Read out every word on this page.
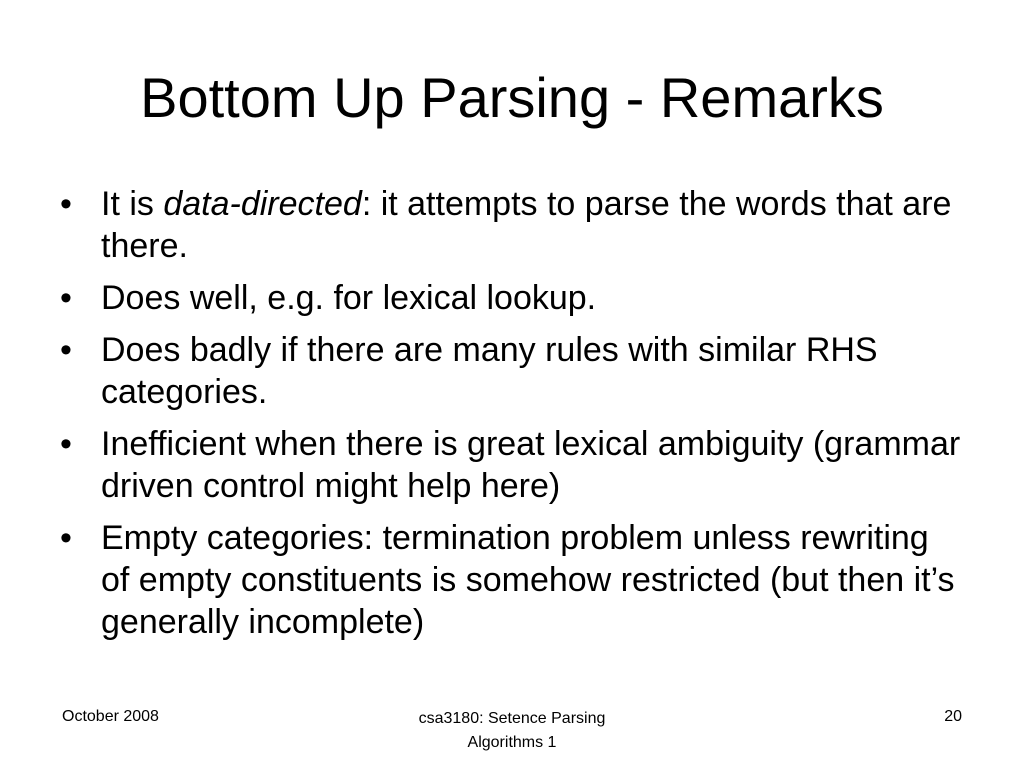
Bottom Up Parsing - Remarks
• It is data-directed: it attempts to parse the words that are there.
• Does well, e.g. for lexical lookup.
• Does badly if there are many rules with similar RHS categories.
• Inefficient when there is great lexical ambiguity (grammar driven control might help here)
• Empty categories: termination problem unless rewriting of empty constituents is somehow restricted (but then it’s generally incomplete)
October 2008	csa3180: Setence Parsing
Algorithms 1
20
